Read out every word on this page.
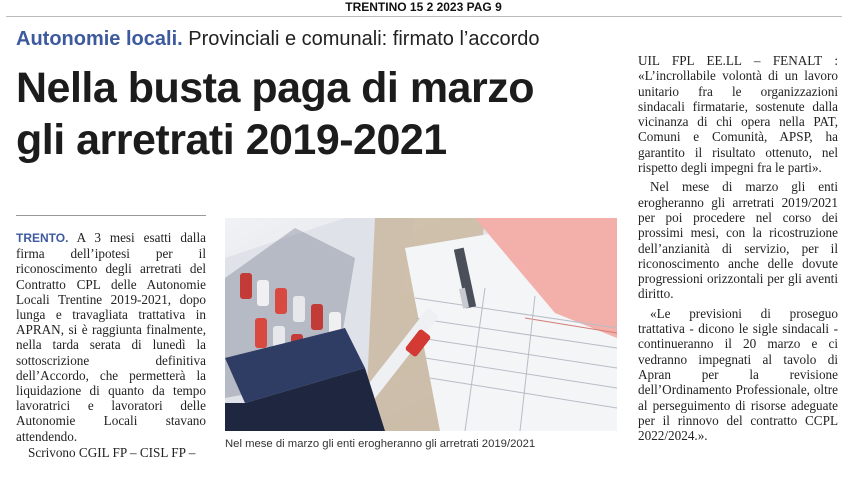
TRENTINO 15 2 2023 PAG 9
Autonomie locali. Provinciali e comunali: firmato l’accordo
Nella busta paga di marzo
gli arretrati 2019-2021

TRENTO. A 3 mesi esatti dalla firma dell’ipotesi per il riconoscimento degli arretrati del Contratto CPL delle Autonomie Locali Trentine 2019-2021, dopo lunga e travagliata trattativa in APRAN, si è raggiunta finalmente, nella tarda serata di lunedì la sottoscrizione definitiva dell’Accordo, che permetterà la liquidazione di quanto da tempo lavoratrici e lavoratori delle Autonomie Locali stavano attendendo.

Scrivono CGIL FP – CISL FP –

Nel mese di marzo gli enti erogheranno gli arretrati 2019/2021

UIL FPL EE.LL – FENALT : «L’incrollabile volontà di un lavoro unitario fra le organizzazioni sindacali firmatarie, sostenute dalla vicinanza di chi opera nella PAT, Comuni e Comunità, APSP, ha garantito il risultato ottenuto, nel rispetto degli impegni fra le parti».

Nel mese di marzo gli enti erogheranno gli arretrati 2019/2021 per poi procedere nel corso dei prossimi mesi, con la ricostruzione dell’anzianità di servizio, per il riconoscimento anche delle dovute progressioni orizzontali per gli aventi diritto.

«Le previsioni di proseguo trattativa - dicono le sigle sindacali - continueranno il 20 marzo e ci vedranno impegnati al tavolo di Apran per la revisione dell’Ordinamento Professionale, oltre al perseguimento di risorse adeguate per il rinnovo del contratto CCPL 2022/2024.».
